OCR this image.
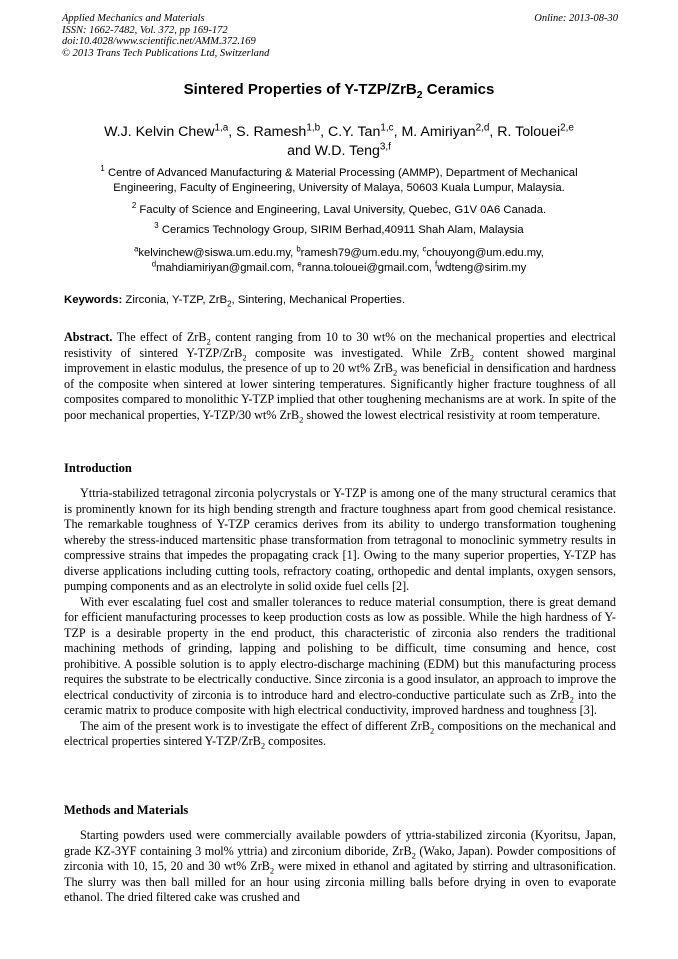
Applied Mechanics and Materials
ISSN: 1662-7482, Vol. 372, pp 169-172
doi:10.4028/www.scientific.net/AMM.372.169
© 2013 Trans Tech Publications Ltd, Switzerland
Online: 2013-08-30
Sintered Properties of Y-TZP/ZrB$_2$ Ceramics
W.J. Kelvin Chew$^{1,a}$, S. Ramesh$^{1,b}$, C.Y. Tan$^{1,c}$, M. Amiriyan$^{2,d}$, R. Tolouei$^{2,e}$
and W.D. Teng$^{3,f}$
$^1$ Centre of Advanced Manufacturing & Material Processing (AMMP), Department of Mechanical
Engineering, Faculty of Engineering, University of Malaya, 50603 Kuala Lumpur, Malaysia.
$^2$ Faculty of Science and Engineering, Laval University, Quebec, G1V 0A6 Canada.
$^3$ Ceramics Technology Group, SIRIM Berhad,40911 Shah Alam, Malaysia
$^a$kelvinchew@siswa.um.edu.my, $^b$ramesh79@um.edu.my, $^c$chouyong@um.edu.my,
$^d$mahdiamiriyan@gmail.com, $^e$ranna.tolouei@gmail.com, $^f$wdteng@sirim.my
Keywords: Zirconia, Y-TZP, ZrB$_2$, Sintering, Mechanical Properties.
Abstract. The effect of ZrB$_2$ content ranging from 10 to 30 wt% on the mechanical properties and electrical resistivity of sintered Y-TZP/ZrB$_2$ composite was investigated. While ZrB$_2$ content showed marginal improvement in elastic modulus, the presence of up to 20 wt% ZrB$_2$ was beneficial in densification and hardness of the composite when sintered at lower sintering temperatures. Significantly higher fracture toughness of all composites compared to monolithic Y-TZP implied that other toughening mechanisms are at work. In spite of the poor mechanical properties, Y-TZP/30 wt% ZrB$_2$ showed the lowest electrical resistivity at room temperature.
Introduction

Yttria-stabilized tetragonal zirconia polycrystals or Y-TZP is among one of the many structural ceramics that is prominently known for its high bending strength and fracture toughness apart from good chemical resistance. The remarkable toughness of Y-TZP ceramics derives from its ability to undergo transformation toughening whereby the stress-induced martensitic phase transformation from tetragonal to monoclinic symmetry results in compressive strains that impedes the propagating crack [1]. Owing to the many superior properties, Y-TZP has diverse applications including cutting tools, refractory coating, orthopedic and dental implants, oxygen sensors, pumping components and as an electrolyte in solid oxide fuel cells [2].

With ever escalating fuel cost and smaller tolerances to reduce material consumption, there is great demand for efficient manufacturing processes to keep production costs as low as possible. While the high hardness of Y-TZP is a desirable property in the end product, this characteristic of zirconia also renders the traditional machining methods of grinding, lapping and polishing to be difficult, time consuming and hence, cost prohibitive. A possible solution is to apply electro-discharge machining (EDM) but this manufacturing process requires the substrate to be electrically conductive. Since zirconia is a good insulator, an approach to improve the electrical conductivity of zirconia is to introduce hard and electro-conductive particulate such as ZrB$_2$ into the ceramic matrix to produce composite with high electrical conductivity, improved hardness and toughness [3].

The aim of the present work is to investigate the effect of different ZrB$_2$ compositions on the mechanical and electrical properties sintered Y-TZP/ZrB$_2$ composites.

Methods and Materials

Starting powders used were commercially available powders of yttria-stabilized zirconia (Kyoritsu, Japan, grade KZ-3YF containing 3 mol% yttria) and zirconium diboride, ZrB$_2$ (Wako, Japan). Powder compositions of zirconia with 10, 15, 20 and 30 wt% ZrB$_2$ were mixed in ethanol and agitated by stirring and ultrasonification. The slurry was then ball milled for an hour using zirconia milling balls before drying in oven to evaporate ethanol. The dried filtered cake was crushed and
